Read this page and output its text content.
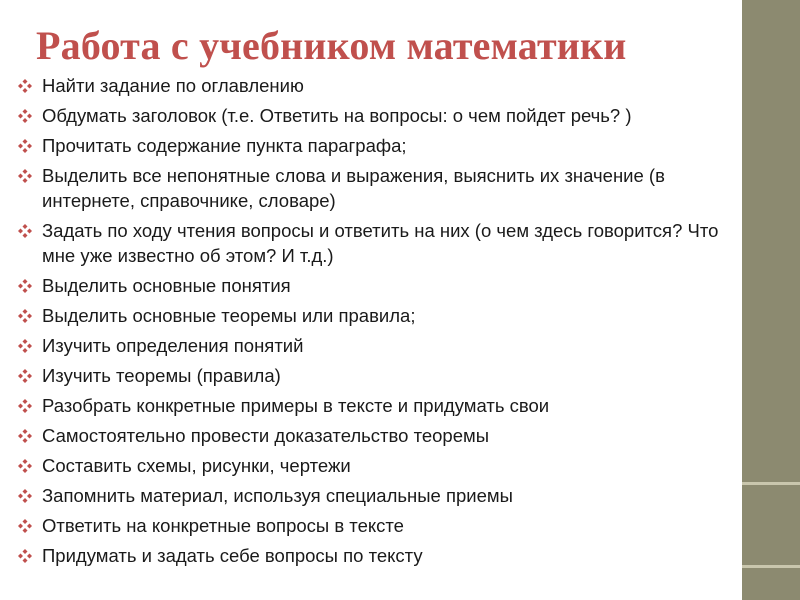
Работа с учебником математики
Найти задание по оглавлению
Обдумать заголовок (т.е. Ответить на вопросы: о чем пойдет речь? )
Прочитать содержание пункта параграфа;
Выделить все непонятные слова и выражения, выяснить их значение (в интернете, справочнике, словаре)
Задать по ходу чтения вопросы и ответить на них (о чем здесь говорится? Что мне уже известно об этом? И т.д.)
Выделить основные понятия
Выделить основные теоремы или правила;
Изучить определения понятий
Изучить теоремы (правила)
Разобрать конкретные примеры в тексте и придумать свои
Самостоятельно провести доказательство теоремы
Составить схемы, рисунки, чертежи
Запомнить материал, используя специальные приемы
Ответить на конкретные вопросы в тексте
Придумать и задать себе вопросы по тексту
